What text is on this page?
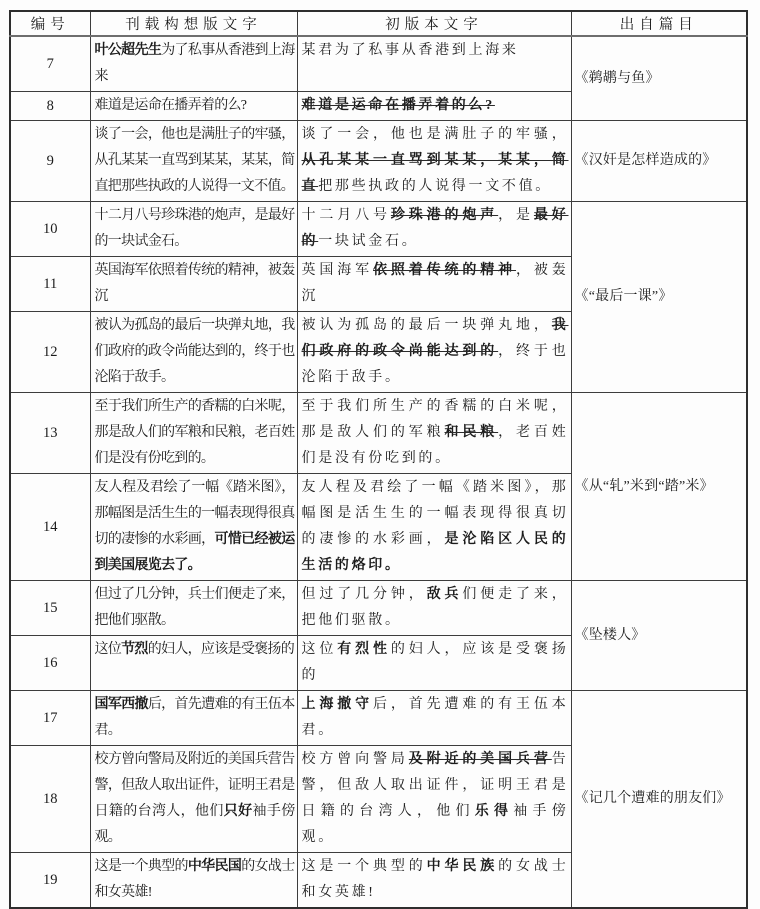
编号	刊载构想版文字	初版本文字	出自篇目
7	叶公超先生为了私事从香港到上海来	某君为了私事从香港到上海来	《鹈鹕与鱼》
8	难道是运命在播弄着的么?	难道是运命在播弄着的么?	
9	谈了一会，他也是满肚子的牢骚，从孔某某一直骂到某某，某某，简直把那些执政的人说得一文不值。	谈了一会，他也是满肚子的牢骚，从孔某某一直骂到某某，某某，简直把那些执政的人说得一文不值。	《汉奸是怎样造成的》
10	十二月八号珍珠港的炮声，是最好的一块试金石。	十二月八号珍珠港的炮声，是最好的一块试金石。	《“最后一课”》
11	英国海军依照着传统的精神，被轰沉	英国海军依照着传统的精神，被轰沉	
12	被认为孤岛的最后一块弹丸地，我们政府的政令尚能达到的，终于也沦陷于敌手。	被认为孤岛的最后一块弹丸地，我们政府的政令尚能达到的，终于也沦陷于敌手。	
13	至于我们所生产的香糯的白米呢，那是敌人们的军粮和民粮，老百姓们是没有份吃到的。	至于我们所生产的香糯的白米呢，那是敌人们的军粮和民粮，老百姓们是没有份吃到的。	《从“轧”米到“踏”米》
14	友人程及君绘了一幅《踏米图》，那幅图是活生生的一幅表现得很真切的凄惨的水彩画，可惜已经被运到美国展览去了。	友人程及君绘了一幅《踏米图》，那幅图是活生生的一幅表现得很真切的凄惨的水彩画，是沦陷区人民的生活的烙印。	
15	但过了几分钟，兵士们便走了来，把他们驱散。	但过了几分钟，敌兵们便走了来，把他们驱散。	《坠楼人》
16	这位节烈的妇人，应该是受褒扬的	这位有烈性的妇人，应该是受褒扬的	
17	国军西撤后，首先遭难的有王伍本君。	上海撤守后，首先遭难的有王伍本君。	《记几个遭难的朋友们》
18	校方曾向警局及附近的美国兵营告警，但敌人取出证件，证明王君是日籍的台湾人，他们只好袖手傍观。	校方曾向警局及附近的美国兵营告警，但敌人取出证件，证明王君是日籍的台湾人，他们乐得袖手傍观。	
19	这是一个典型的中华民国的女战士和女英雄!	这是一个典型的中华民族的女战士和女英雄!	
